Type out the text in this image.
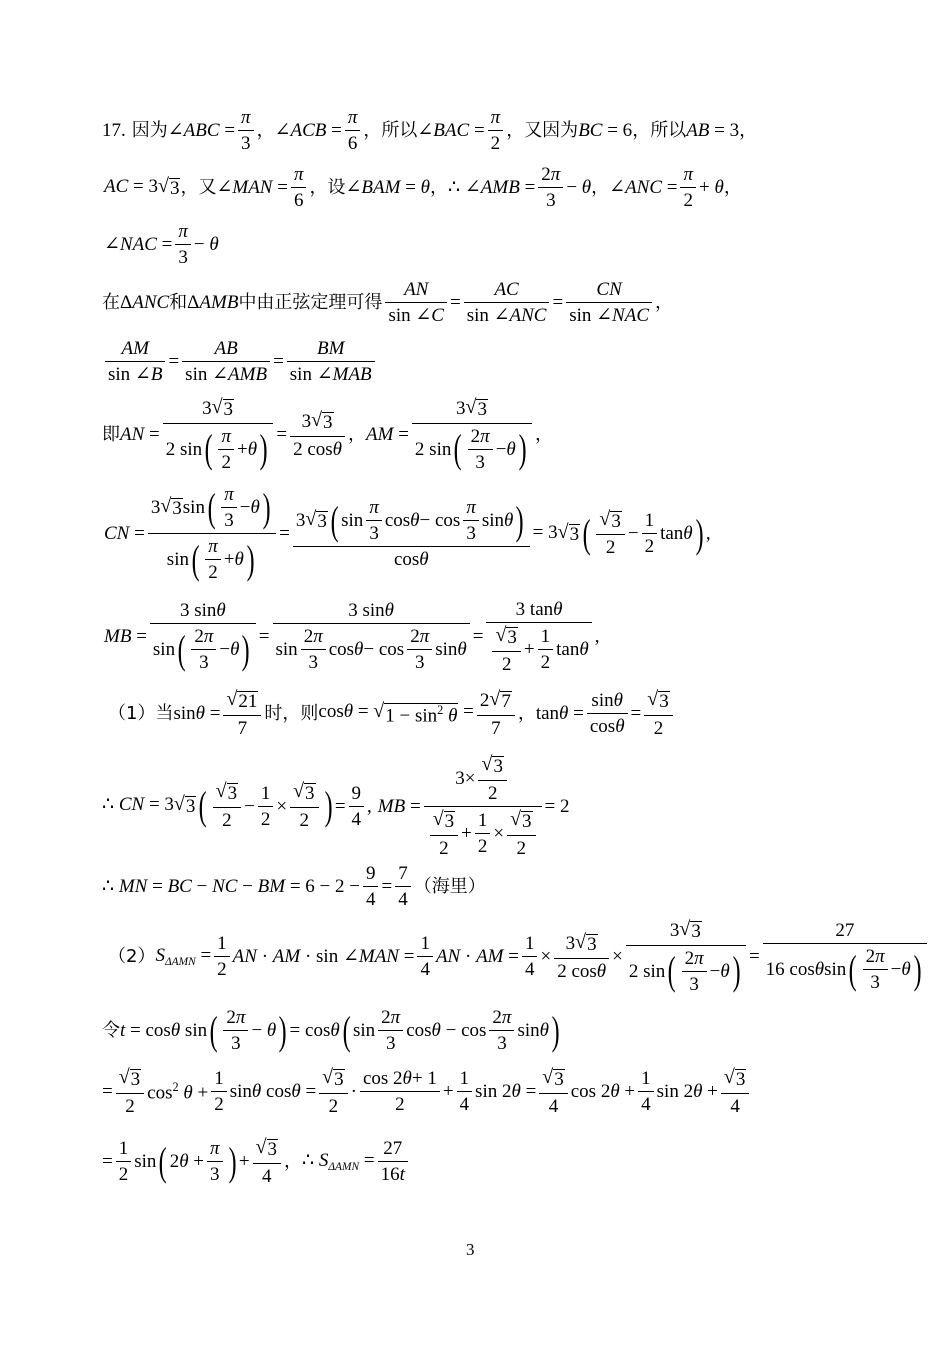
17. 因为 ∠ABC = $\frac{\pi}{3}$ ， ∠ACB = $\frac{\pi}{6}$ ， 所以 ∠BAC = $\frac{\pi}{2}$ ， 又因为 BC = 6 ， 所以 AB = 3 ，
AC = 3 √ 3 ， 又 ∠MAN = $\frac{\pi}{6}$ ， 设 ∠BAM = θ ， ∴ ∠AMB = $\frac{2 \pi}{3} - \theta$ ， ∠ANC = $\frac{\pi}{2} + \theta$ ，
∠NAC = $\frac{\pi}{3} - \theta$
在 ΔANC 和 ΔAMB 中由正弦定理可得 $\frac{AN}{\sin \angle C}$ =
AC
sin ∠ ANC
=
CN
sin ∠ NAC
，
$\frac{AM}{\sin \angle B}$ =
AB
sin ∠ AMB
=
BM
sin ∠ MAB
即 AN = 3 √ 3
2 sin ( π
2
+ θ ) = $\frac{3 √ 3}{\text{2 cos θ}}$ ， AM = 3 √ 3
2 sin ( 2 π
3
− θ ) ，
CN = 3 √ 3 sin ( π
3
− θ )
sin ( π
2
+ θ ) = 3 √ 3 ( sin
π
3
cos θ − cos
π
3
sin θ )
cos θ = 3 √ 3 ( √ 3
2
− $\frac{1}{2}$ tanθ ) ,
MB = 3 sin θ
sin ( 2 π
3
− θ ) = 3 sin θ
sin
2 π
3
cos θ − cos
2 π
3
sin θ = 3 tan θ
√ 3
2
+
1
2
tan θ ,
（1）当 $\sin\theta = \frac{√ 21}{7}$ 时，则 cosθ = √ $1 - \sin^2 \theta = \frac{2 √ 7}{7}$ ， $\tan\theta = \frac{\text{sin θ}}{\text{cos θ}} = \frac{√ 3}{2}$
∴ CN = 3 √ 3 ( √ 3
2
− $\frac{1}{2} \times \frac{√ 3}{2}$ ) = $\frac{9}{4}$ , MB = 3×
√ 3
2
√ 3
2
+
1
2
×
√ 3
2 = 2
∴ MN = BC − NC − BM = $6 - 2 - \frac{9}{4} = \frac{7}{4}$ （海里）
（2） $S_{\Delta AMN} = \frac{1}{2}$ AN · AM · sin ∠MAN = $\frac{1}{4}$ AN · AM = $\frac{1}{4} \times \frac{3 √ 3}{\text{2 cos θ}} \times 3$ √ 3
2 sin ( 2 π
3
− θ ) = 27
16 cos θ sin ( 2 π
3
− θ )
令 t = cosθ sin ( 2 π
3
− θ ) = cosθ ( sin
2 π
3
cosθ − cos
2 π
3
sinθ )
= $\frac{√ 3}{2} \cos^2 \theta + \frac{1}{2}$ sinθ $\cos\theta = \frac{√ 3}{2}$ ·
cos 2 θ + 1
2
+ $\frac{1}{4}$ $\sin 2\theta = \frac{√ 3}{4}$ $\cos 2\theta + \frac{1}{4}$ $\sin 2\theta + \frac{√ 3}{4}$
= $\frac{1}{2}$ sin ( $2\theta + \frac{\pi}{3}$ ) + $\frac{√ 3}{4}$ ， ∴ $S_{\Delta AMN} = \frac{27}{16 t}$
3
